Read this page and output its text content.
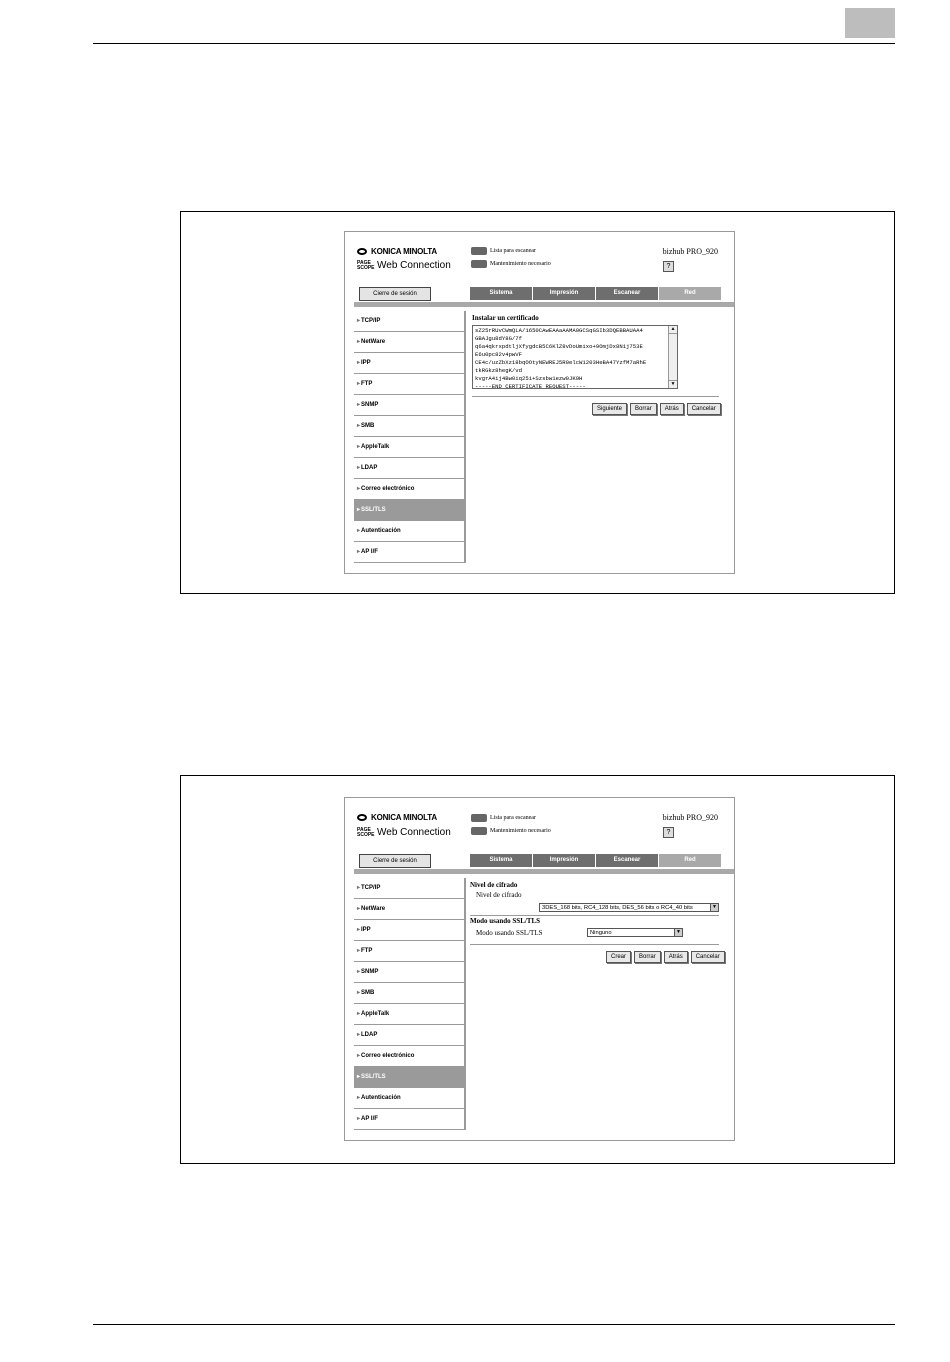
KONICA MINOLTA
PAGE SCOPE Web Connection
Lista para escanear
Mantenimiento necesario
bizhub PRO_920
?
Cierre de sesión	Sistema	Impresión	Escanear	Red
▸ TCP/IP
▸ NetWare
▸ IPP
▸ FTP
▸ SNMP
▸ SMB
▸ AppleTalk
▸ LDAP
▸ Correo electrónico
▸ SSL/TLS
▸ Autenticación
▸ AP I/F
Instalar un certificado
sZ25rRUvCWmQLA/1650CAwEAAaAAMA0GCSqGSIb3DQEBBAUAA4
GBAJgu8dY8G/7f
q6a4qkrxpdtljXfygdcB5C6KlZ8vDoUmixo+9OmjDx8N1j753E
E6u0pc82v4pwVF
CE4c/uzZbXz18bqOOtyNEWREJ5R0elcW1203HeBA47YzfM7aRhE
tkRGkz8hegK/vd
kvgrA4ij4Bw0iq25i+Szsbw1ezw0JK9H
-----END CERTIFICATE REQUEST-----
▲
▼
Siguiente	Borrar	Atrás	Cancelar
KONICA MINOLTA
PAGE SCOPE Web Connection
Lista para escanear
Mantenimiento necesario
bizhub PRO_920
?
Cierre de sesión	Sistema	Impresión	Escanear	Red
▸ TCP/IP
▸ NetWare
▸ IPP
▸ FTP
▸ SNMP
▸ SMB
▸ AppleTalk
▸ LDAP
▸ Correo electrónico
▸ SSL/TLS
▸ Autenticación
▸ AP I/F
Nivel de cifrado
Nivel de cifrado
3DES_168 bits, RC4_128 bits, DES_56 bits o RC4_40 bits	▼
Modo usando SSL/TLS
Modo usando SSL/TLS	Ninguno	▼
Crear	Borrar	Atrás	Cancelar
